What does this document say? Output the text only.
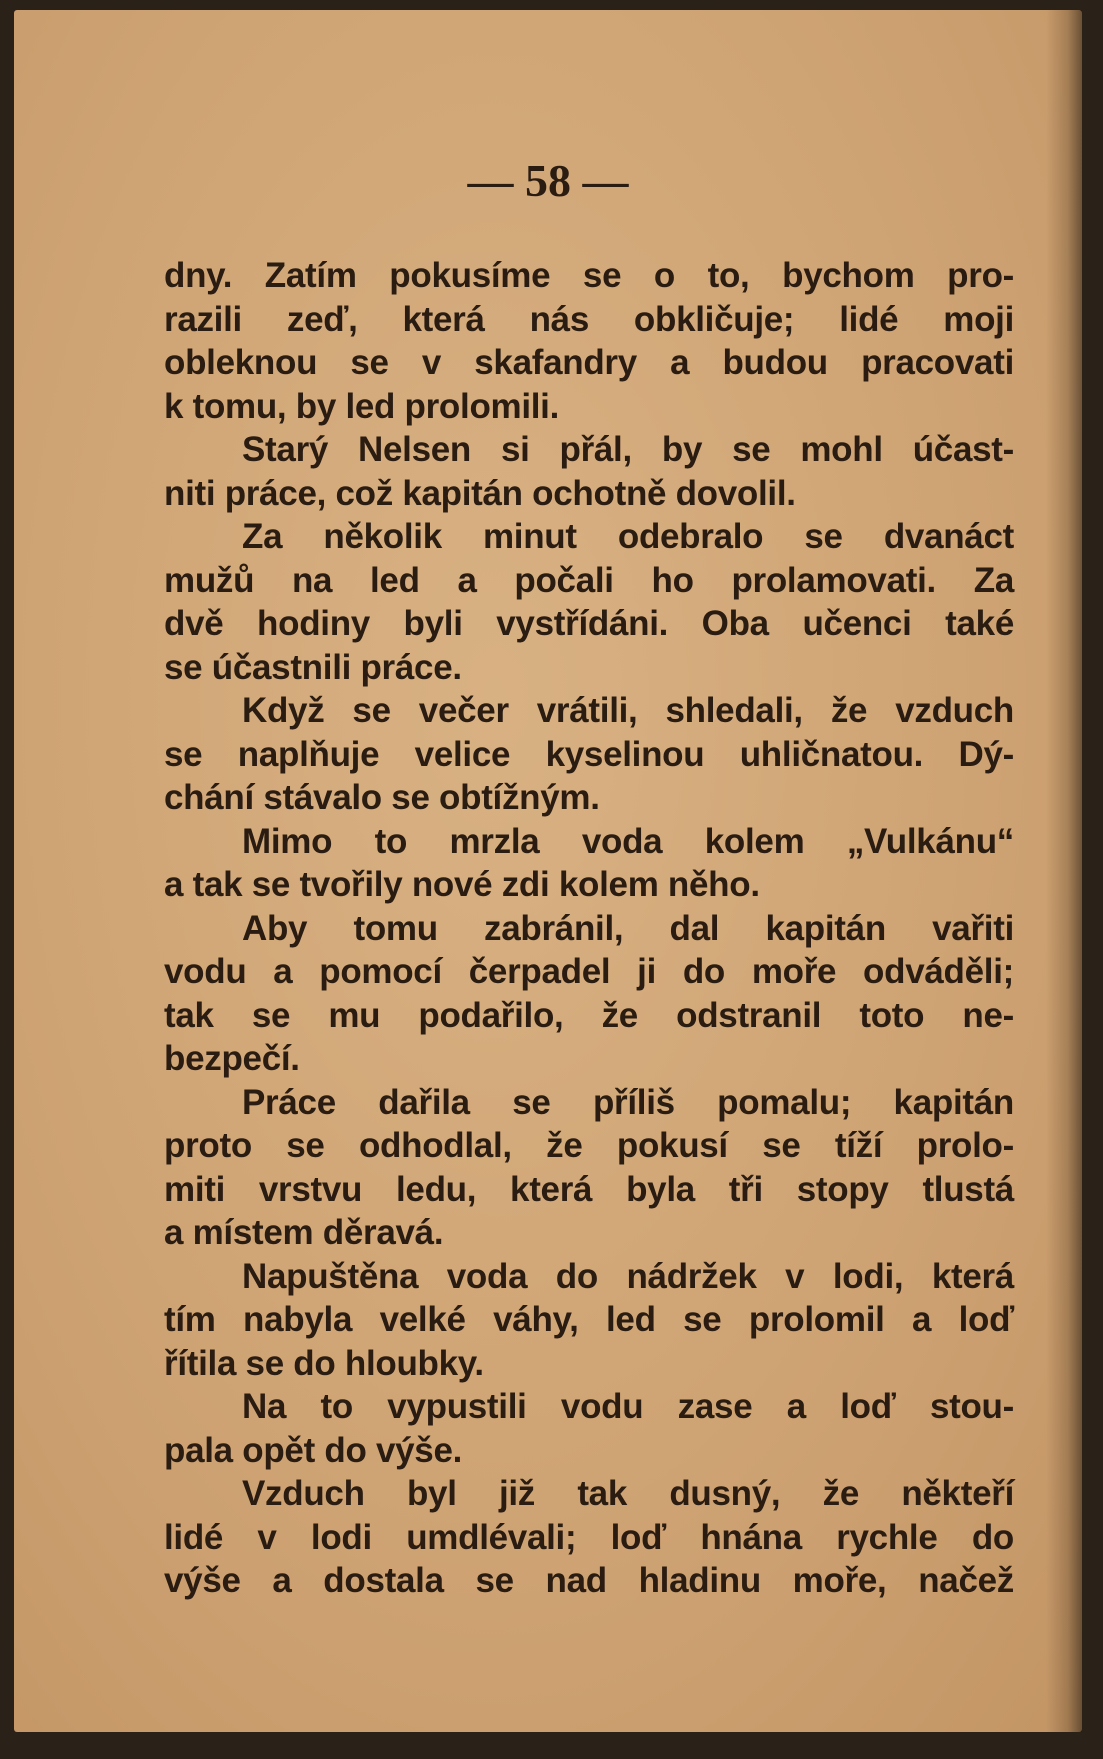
— 58 —
dny. Zatím pokusíme se o to, bychom pro-
razili zeď, která nás obkličuje; lidé moji
obleknou se v skafandry a budou pracovati
k tomu, by led prolomili.
Starý Nelsen si přál, by se mohl účast-
niti práce, což kapitán ochotně dovolil.
Za několik minut odebralo se dvanáct
mužů na led a počali ho prolamovati. Za
dvě hodiny byli vystřídáni. Oba učenci také
se účastnili práce.
Když se večer vrátili, shledali, že vzduch
se naplňuje velice kyselinou uhličnatou. Dý-
chání stávalo se obtížným.
Mimo to mrzla voda kolem „Vulkánu“
a tak se tvořily nové zdi kolem něho.
Aby tomu zabránil, dal kapitán vařiti
vodu a pomocí čerpadel ji do moře odváděli;
tak se mu podařilo, že odstranil toto ne-
bezpečí.
Práce dařila se příliš pomalu; kapitán
proto se odhodlal, že pokusí se tíží prolo-
miti vrstvu ledu, která byla tři stopy tlustá
a místem děravá.
Napuštěna voda do nádržek v lodi, která
tím nabyla velké váhy, led se prolomil a loď
řítila se do hloubky.
Na to vypustili vodu zase a loď stou-
pala opět do výše.
Vzduch byl již tak dusný, že někteří
lidé v lodi umdlévali; loď hnána rychle do
výše a dostala se nad hladinu moře, načež
